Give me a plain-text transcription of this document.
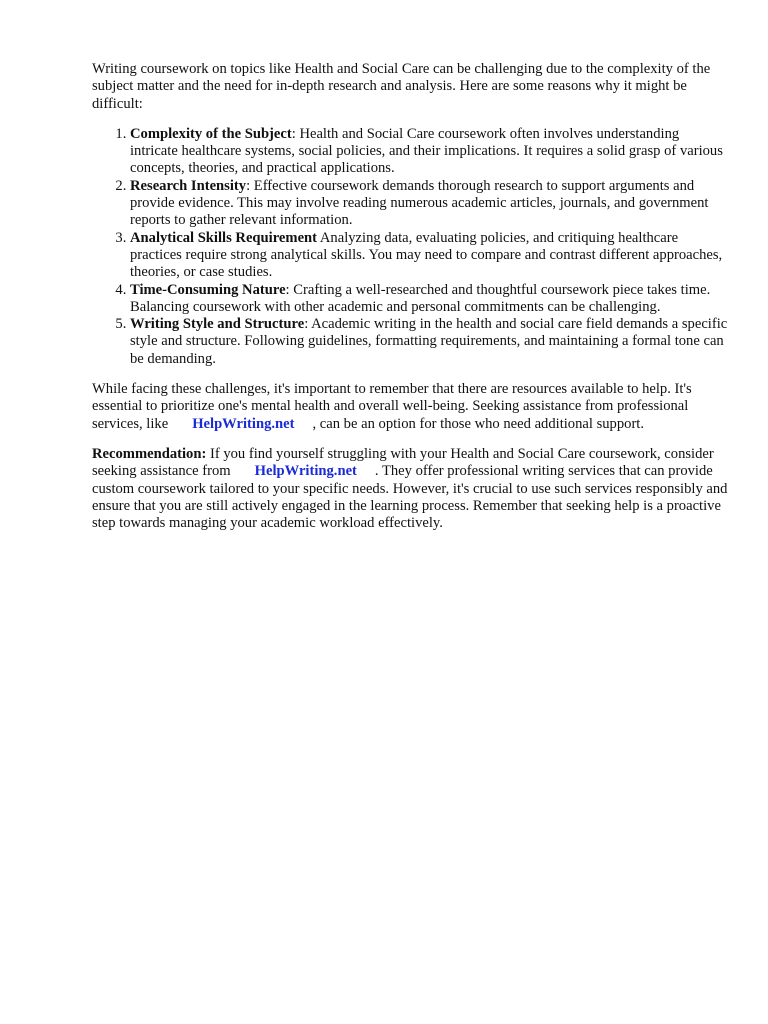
Writing coursework on topics like Health and Social Care can be challenging due to the complexity of the subject matter and the need for in-depth research and analysis. Here are some reasons why it might be difficult:

1. Complexity of the Subject: Health and Social Care coursework often involves understanding intricate healthcare systems, social policies, and their implications. It requires a solid grasp of various concepts, theories, and practical applications.
2. Research Intensity: Effective coursework demands thorough research to support arguments and provide evidence. This may involve reading numerous academic articles, journals, and government reports to gather relevant information.
3. Analytical Skills Requirement Analyzing data, evaluating policies, and critiquing healthcare practices require strong analytical skills. You may need to compare and contrast different approaches, theories, or case studies.
4. Time-Consuming Nature: Crafting a well-researched and thoughtful coursework piece takes time. Balancing coursework with other academic and personal commitments can be challenging.
5. Writing Style and Structure: Academic writing in the health and social care field demands a specific style and structure. Following guidelines, formatting requirements, and maintaining a formal tone can be demanding.

While facing these challenges, it's important to remember that there are resources available to help. It's essential to prioritize one's mental health and overall well-being. Seeking assistance from professional services, like HelpWriting.net , can be an option for those who need additional support.

Recommendation: If you find yourself struggling with your Health and Social Care coursework, consider seeking assistance from HelpWriting.net . They offer professional writing services that can provide custom coursework tailored to your specific needs. However, it's crucial to use such services responsibly and ensure that you are still actively engaged in the learning process. Remember that seeking help is a proactive step towards managing your academic workload effectively.
